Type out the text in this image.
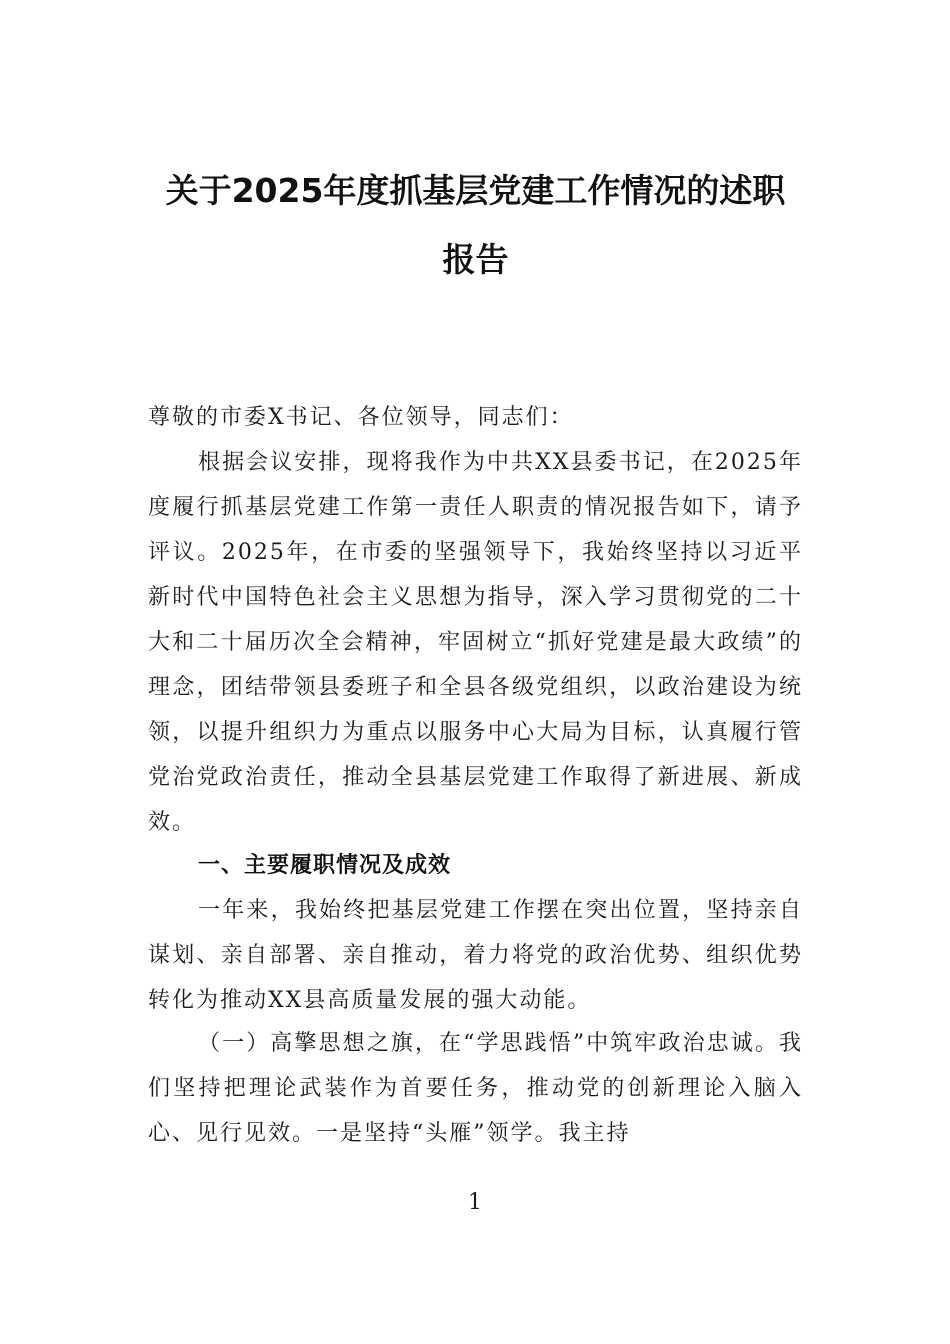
关于2025年度抓基层党建工作情况的述职
报告
尊敬的市委X书记、各位领导，同志们：
根据会议安排，现将我作为中共XX县委书记，在2025年度履行抓基层党建工作第一责任人职责的情况报告如下，请予评议。2025年，在市委的坚强领导下，我始终坚持以习近平新时代中国特色社会主义思想为指导，深入学习贯彻党的二十大和二十届历次全会精神，牢固树立“抓好党建是最大政绩”的理念，团结带领县委班子和全县各级党组织，以政治建设为统领，以提升组织力为重点以服务中心大局为目标，认真履行管党治党政治责任，推动全县基层党建工作取得了新进展、新成效。
一、主要履职情况及成效
一年来，我始终把基层党建工作摆在突出位置，坚持亲自谋划、亲自部署、亲自推动，着力将党的政治优势、组织优势转化为推动XX县高质量发展的强大动能。
（一）高擎思想之旗，在“学思践悟”中筑牢政治忠诚。我们坚持把理论武装作为首要任务，推动党的创新理论入脑入心、见行见效。一是坚持“头雁”领学。我主持
1
